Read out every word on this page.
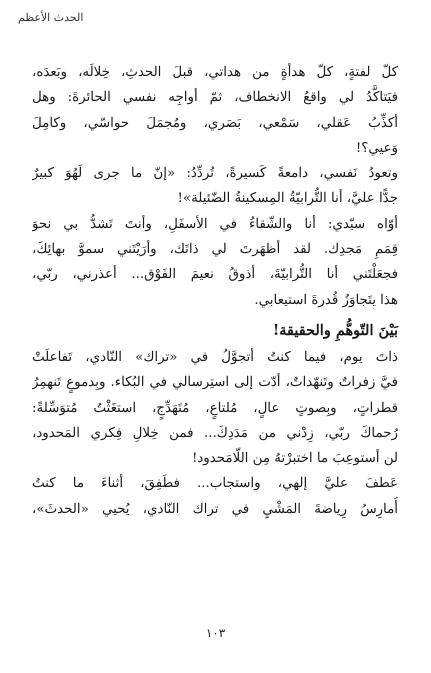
الحدث الأعظم
كلّ لفتةٍ، كلّ هدأةٍ من هداتي، قبلَ الحدثِ، خِلالَه، وبَعدَه،
فيَتاكَّدُ لي واقعُ الانخطاف، ثمّ أواجِه نفسي الحائرةَ: وهل
أكذِّبُ عَقلي، سَمْعي، بَصَري، ومُجمَلَ حواسّي، وكامِلَ
وَعيي؟!
وتعودُ نَفسي، دامعةً كَسيرةً، تُردِّدُ: «إنّ ما جرى لَهُوَ كبيرٌ
جدًّا عليَّ، أنا التُّرابيّةُ المِسكينةُ الضّئيلة»!
أوّاه سيّدي: أنا والشّقاءُ في الأسفَلِ، وأنتَ تَشدُّ بي نحوَ
قِمَمِ مَجدِك. لقد أظهَرتَ لي ذاتَك، وأرَيْتَني سموَّ بهائِكَ،
فجعَلْتَني أنا التُّرابيّةَ، أذوقُ نعيمَ الفَوْق... أعذرني، ربّي،
هذا يتَجاوَزُ قُدرةَ استيعابي.
بَيْنَ التّوهُّمِ والحقيقة!
ذاتَ يوم، فيما كنتُ أتجوَّلُ في «تراك» النّادي، تَفاعلَتْ
فيَّ زفراتٌ وتَنهّداتٌ، أدّت إلى استِرسالي في البُكاء. وبِدموعٍ تَنهمِرُ
قطراتٍ، وبِصوتٍ عالٍ، مُلتاعٍ، مُتَهَدِّجٍ، استغَثْتُ مُتوَسِّلةً:
رُحماكَ ربّي، زِدْني من مَدَدِكَ... فمن خِلالِ فِكري المَحدود،
لن أستوعِبَ ما اختبرْتهُ مِن اللّامَحدود!
عَطفَ عليَّ إلهي، واستجاب... فطَفِقَ، أثناءَ ما كنتُ
أُمارِسُ رِياضةَ المَشْيِ في تراك النّادي، يُحيي «الحدثَ»،
١٠٣
